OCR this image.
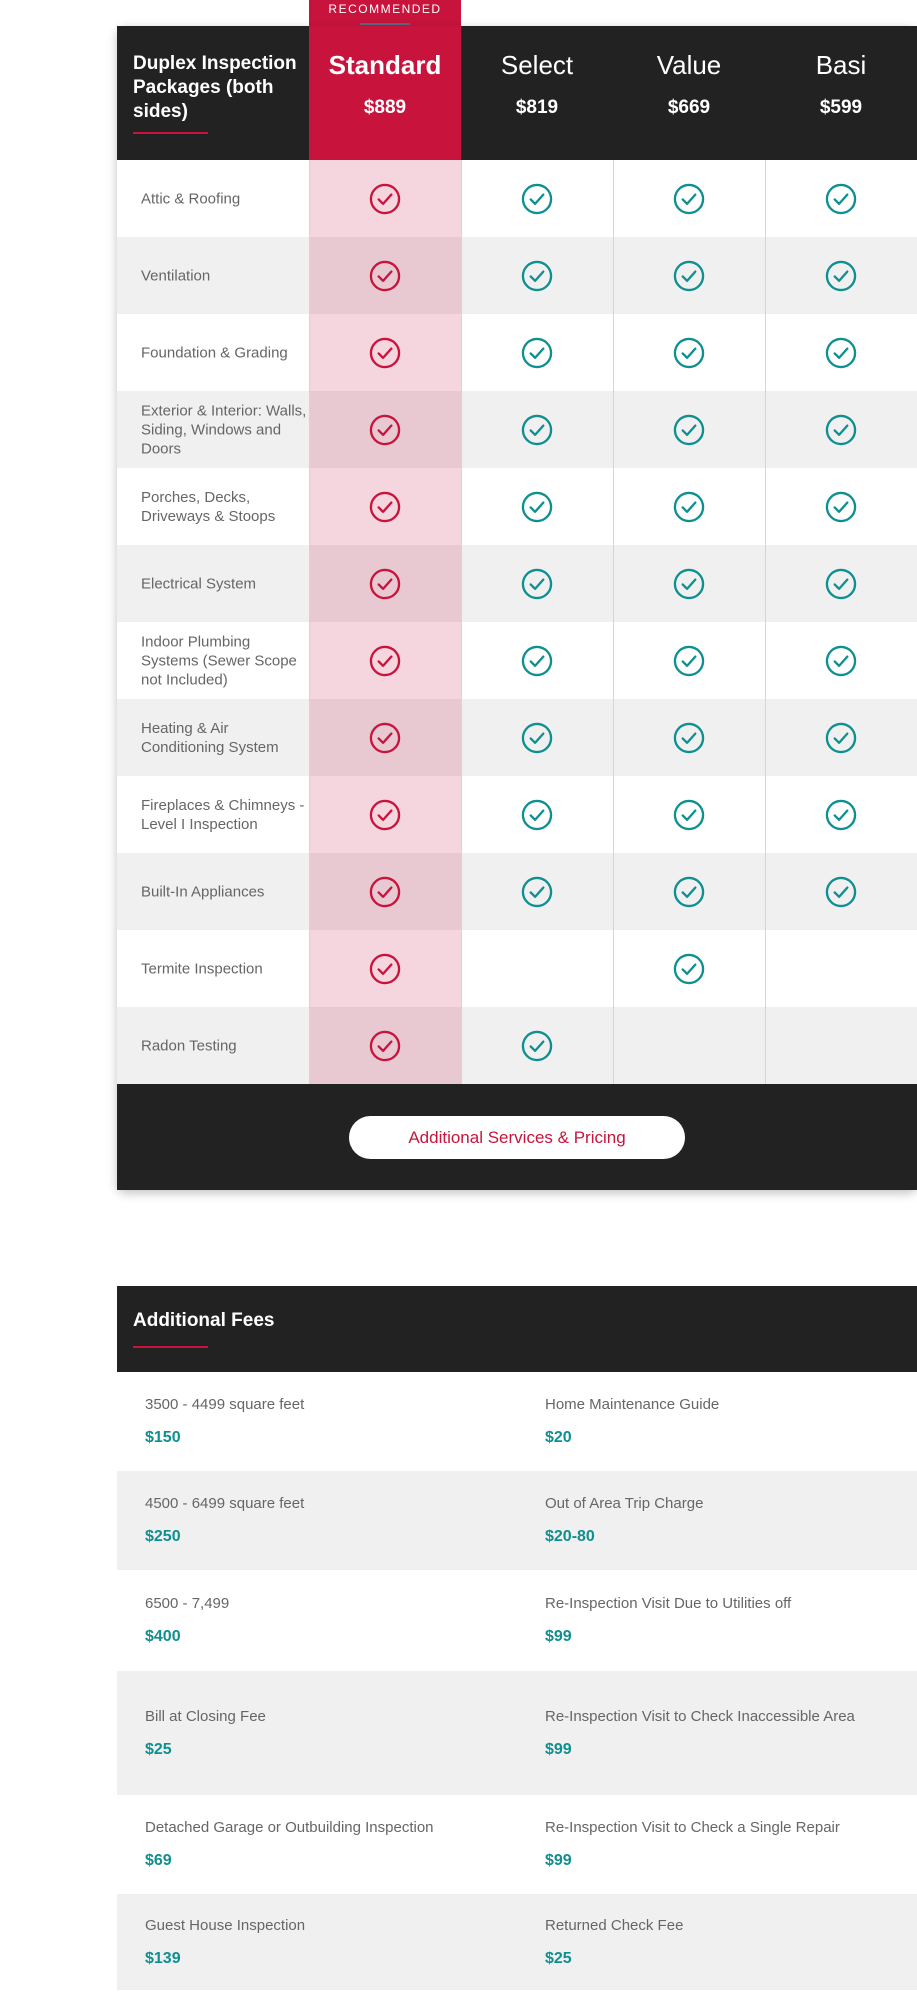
RECOMMENDED
Duplex Inspection Packages (both sides)
Standard
$889
Select
$819
Value
$669
Basi
$599
Attic & Roofing
Ventilation
Foundation & Grading
Exterior & Interior: Walls, Siding, Windows and Doors
Porches, Decks, Driveways & Stoops
Electrical System
Indoor Plumbing Systems (Sewer Scope not Included)
Heating & Air Conditioning System
Fireplaces & Chimneys - Level I Inspection
Built-In Appliances
Termite Inspection
Radon Testing
Additional Services & Pricing
Additional Fees
3500 - 4499 square feet
$150
Home Maintenance Guide
$20
4500 - 6499 square feet
$250
Out of Area Trip Charge
$20-80
6500 - 7,499
$400
Re-Inspection Visit Due to Utilities off
$99
Bill at Closing Fee
$25
Re-Inspection Visit to Check Inaccessible Area
$99
Detached Garage or Outbuilding Inspection
$69
Re-Inspection Visit to Check a Single Repair
$99
Guest House Inspection
$139
Returned Check Fee
$25
